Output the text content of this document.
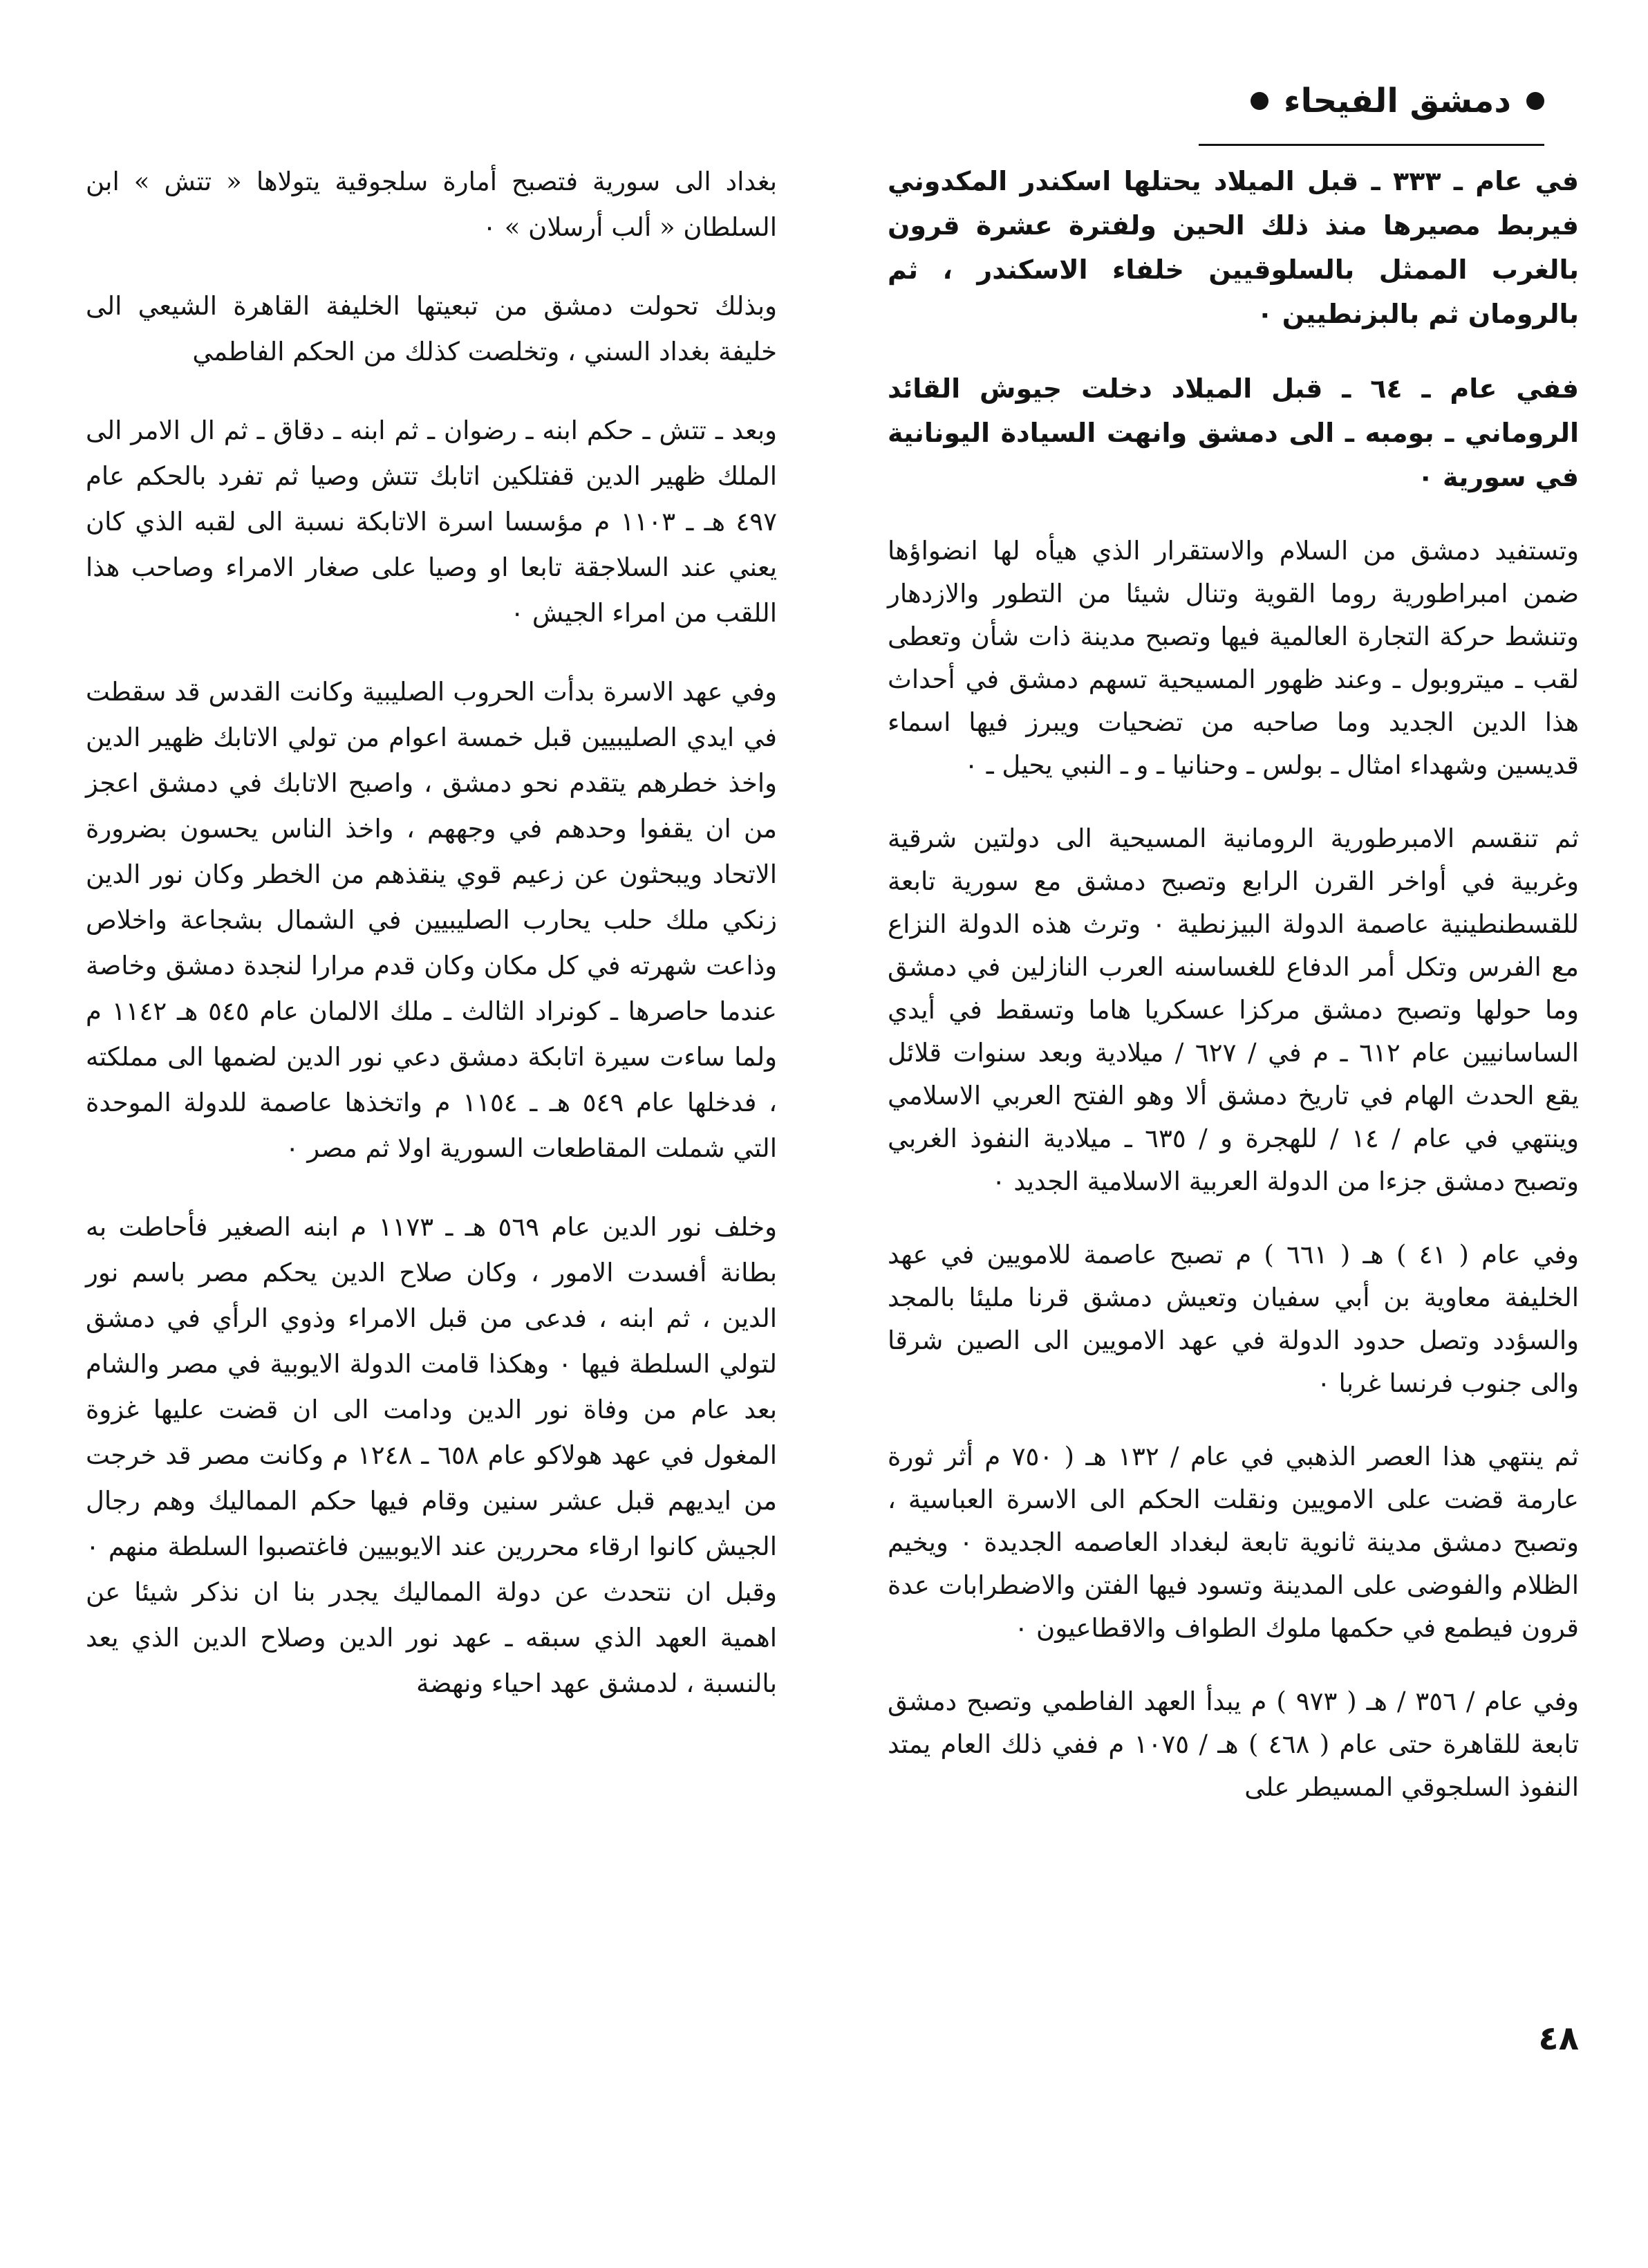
دمشق الفيحاء

في عام ـ ٣٣٣ ـ قبل الميلاد يحتلها اسكندر المكدوني فيربط مصيرها منذ ذلك الحين ولفترة عشرة قرون بالغرب الممثل بالسلوقيين خلفاء الاسكندر ، ثم بالرومان ثم بالبزنطيين ٠

ففي عام ـ ٦٤ ـ قبل الميلاد دخلت جيوش القائد الروماني ـ بومبه ـ الى دمشق وانهت السيادة اليونانية في سورية ٠

وتستفيد دمشق من السلام والاستقرار الذي هيأه لها انضواؤها ضمن امبراطورية روما القوية وتنال شيئا من التطور والازدهار وتنشط حركة التجارة العالمية فيها وتصبح مدينة ذات شأن وتعطى لقب ـ ميتروبول ـ وعند ظهور المسيحية تسهم دمشق في أحداث هذا الدين الجديد وما صاحبه من تضحيات ويبرز فيها اسماء قديسين وشهداء امثال ـ بولس ـ وحنانيا ـ و ـ النبي يحيل ـ ٠

ثم تنقسم الامبرطورية الرومانية المسيحية الى دولتين شرقية وغربية في أواخر القرن الرابع وتصبح دمشق مع سورية تابعة للقسطنطينية عاصمة الدولة البيزنطية ٠ وترث هذه الدولة النزاع مع الفرس وتكل أمر الدفاع للغساسنه العرب النازلين في دمشق وما حولها وتصبح دمشق مركزا عسكريا هاما وتسقط في أيدي الساسانيين عام ٦١٢ ـ م في / ٦٢٧ / ميلادية وبعد سنوات قلائل يقع الحدث الهام في تاريخ دمشق ألا وهو الفتح العربي الاسلامي وينتهي في عام / ١٤ / للهجرة و / ٦٣٥ ـ ميلادية النفوذ الغربي وتصبح دمشق جزءا من الدولة العربية الاسلامية الجديد ٠

وفي عام ( ٤١ ) هـ ( ٦٦١ ) م تصبح عاصمة للامويين في عهد الخليفة معاوية بن أبي سفيان وتعيش دمشق قرنا مليئا بالمجد والسؤدد وتصل حدود الدولة في عهد الامويين الى الصين شرقا والى جنوب فرنسا غربا ٠

ثم ينتهي هذا العصر الذهبي في عام / ١٣٢ هـ ( ٧٥٠ م أثر ثورة عارمة قضت على الامويين ونقلت الحكم الى الاسرة العباسية ، وتصبح دمشق مدينة ثانوية تابعة لبغداد العاصمه الجديدة ٠ ويخيم الظلام والفوضى على المدينة وتسود فيها الفتن والاضطرابات عدة قرون فيطمع في حكمها ملوك الطواف والاقطاعيون ٠

وفي عام / ٣٥٦ / هـ ( ٩٧٣ ) م يبدأ العهد الفاطمي وتصبح دمشق تابعة للقاهرة حتى عام ( ٤٦٨ ) هـ / ١٠٧٥ م ففي ذلك العام يمتد النفوذ السلجوقي المسيطر على

بغداد الى سورية فتصبح أمارة سلجوقية يتولاها « تتش » ابن السلطان « ألب أرسلان » ٠

وبذلك تحولت دمشق من تبعيتها الخليفة القاهرة الشيعي الى خليفة بغداد السني ، وتخلصت كذلك من الحكم الفاطمي

وبعد ـ تتش ـ حكم ابنه ـ رضوان ـ ثم ابنه ـ دقاق ـ ثم ال الامر الى الملك ظهير الدين قفتلكين اتابك تتش وصيا ثم تفرد بالحكم عام ٤٩٧ هـ ـ ١١٠٣ م مؤسسا اسرة الاتابكة نسبة الى لقبه الذي كان يعني عند السلاجقة تابعا او وصيا على صغار الامراء وصاحب هذا اللقب من امراء الجيش ٠

وفي عهد الاسرة بدأت الحروب الصليبية وكانت القدس قد سقطت في ايدي الصليبيين قبل خمسة اعوام من تولي الاتابك ظهير الدين واخذ خطرهم يتقدم نحو دمشق ، واصبح الاتابك في دمشق اعجز من ان يقفوا وحدهم في وجههم ، واخذ الناس يحسون بضرورة الاتحاد ويبحثون عن زعيم قوي ينقذهم من الخطر وكان نور الدين زنكي ملك حلب يحارب الصليبيين في الشمال بشجاعة واخلاص وذاعت شهرته في كل مكان وكان قدم مرارا لنجدة دمشق وخاصة عندما حاصرها ـ كونراد الثالث ـ ملك الالمان عام ٥٤٥ هـ ١١٤٢ م ولما ساءت سيرة اتابكة دمشق دعي نور الدين لضمها الى مملكته ، فدخلها عام ٥٤٩ هـ ـ ١١٥٤ م واتخذها عاصمة للدولة الموحدة التي شملت المقاطعات السورية اولا ثم مصر ٠

وخلف نور الدين عام ٥٦٩ هـ ـ ١١٧٣ م ابنه الصغير فأحاطت به بطانة أفسدت الامور ، وكان صلاح الدين يحكم مصر باسم نور الدين ، ثم ابنه ، فدعى من قبل الامراء وذوي الرأي في دمشق لتولي السلطة فيها ٠ وهكذا قامت الدولة الايوبية في مصر والشام بعد عام من وفاة نور الدين ودامت الى ان قضت عليها غزوة المغول في عهد هولاكو عام ٦٥٨ ـ ١٢٤٨ م وكانت مصر قد خرجت من ايديهم قبل عشر سنين وقام فيها حكم المماليك وهم رجال الجيش كانوا ارقاء محررين عند الايوبيين فاغتصبوا السلطة منهم ٠ وقبل ان نتحدث عن دولة المماليك يجدر بنا ان نذكر شيئا عن اهمية العهد الذي سبقه ـ عهد نور الدين وصلاح الدين الذي يعد بالنسبة ، لدمشق عهد احياء ونهضة

٤٨
